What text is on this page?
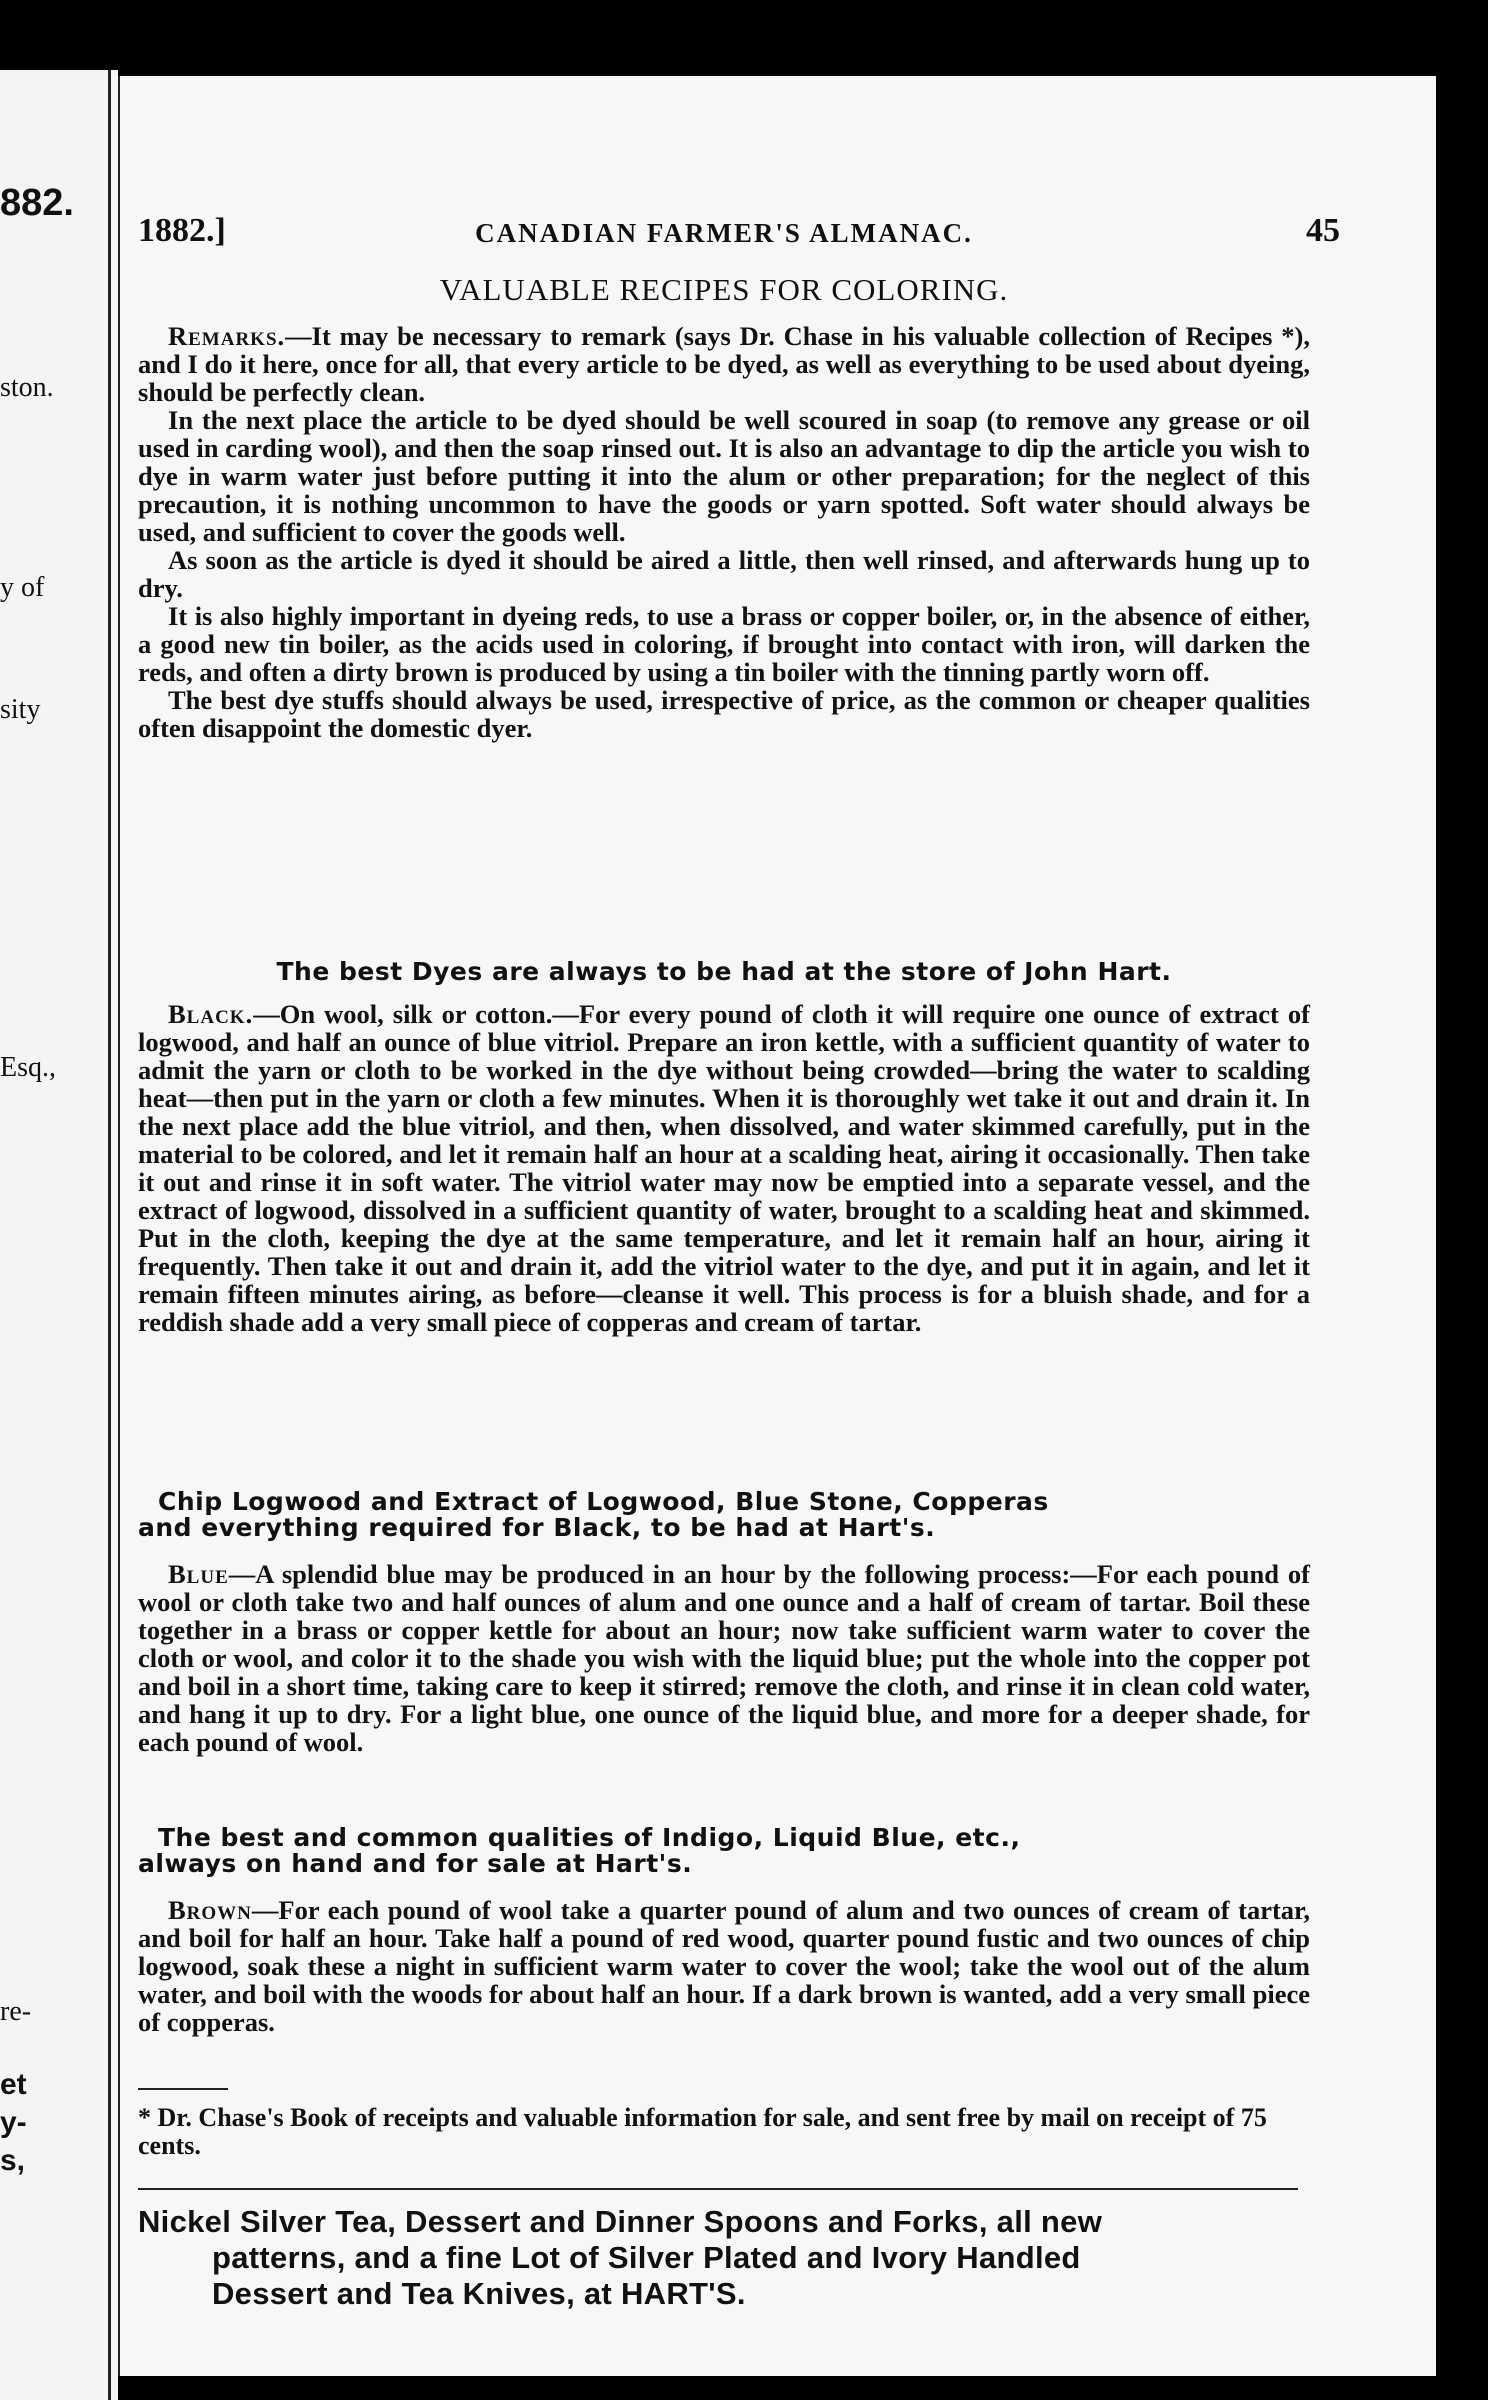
882.
ston.
y of
sity
Esq.,
re-
et
y-
s,
1882.]	CANADIAN FARMER'S ALMANAC.	45
VALUABLE RECIPES FOR COLORING.

Remarks.—It may be necessary to remark (says Dr. Chase in his valuable collection of Recipes *), and I do it here, once for all, that every article to be dyed, as well as everything to be used about dyeing, should be perfectly clean.

In the next place the article to be dyed should be well scoured in soap (to remove any grease or oil used in carding wool), and then the soap rinsed out. It is also an advantage to dip the article you wish to dye in warm water just before putting it into the alum or other preparation; for the neglect of this precaution, it is nothing uncommon to have the goods or yarn spotted. Soft water should always be used, and sufficient to cover the goods well.

As soon as the article is dyed it should be aired a little, then well rinsed, and afterwards hung up to dry.

It is also highly important in dyeing reds, to use a brass or copper boiler, or, in the absence of either, a good new tin boiler, as the acids used in coloring, if brought into contact with iron, will darken the reds, and often a dirty brown is produced by using a tin boiler with the tinning partly worn off.

The best dye stuffs should always be used, irrespective of price, as the common or cheaper qualities often disappoint the domestic dyer.

The best Dyes are always to be had at the store of John Hart.

Black.—On wool, silk or cotton.—For every pound of cloth it will require one ounce of extract of logwood, and half an ounce of blue vitriol. Prepare an iron kettle, with a sufficient quantity of water to admit the yarn or cloth to be worked in the dye without being crowded—bring the water to scalding heat—then put in the yarn or cloth a few minutes. When it is thoroughly wet take it out and drain it. In the next place add the blue vitriol, and then, when dissolved, and water skimmed carefully, put in the material to be colored, and let it remain half an hour at a scalding heat, airing it occasionally. Then take it out and rinse it in soft water. The vitriol water may now be emptied into a separate vessel, and the extract of logwood, dissolved in a sufficient quantity of water, brought to a scalding heat and skimmed. Put in the cloth, keeping the dye at the same temperature, and let it remain half an hour, airing it frequently. Then take it out and drain it, add the vitriol water to the dye, and put it in again, and let it remain fifteen minutes airing, as before—cleanse it well. This process is for a bluish shade, and for a reddish shade add a very small piece of copperas and cream of tartar.

Chip Logwood and Extract of Logwood, Blue Stone, Copperas
and everything required for Black, to be had at Hart's.

Blue—A splendid blue may be produced in an hour by the following process:—For each pound of wool or cloth take two and half ounces of alum and one ounce and a half of cream of tartar. Boil these together in a brass or copper kettle for about an hour; now take sufficient warm water to cover the cloth or wool, and color it to the shade you wish with the liquid blue; put the whole into the copper pot and boil in a short time, taking care to keep it stirred; remove the cloth, and rinse it in clean cold water, and hang it up to dry. For a light blue, one ounce of the liquid blue, and more for a deeper shade, for each pound of wool.

The best and common qualities of Indigo, Liquid Blue, etc.,
always on hand and for sale at Hart's.

Brown—For each pound of wool take a quarter pound of alum and two ounces of cream of tartar, and boil for half an hour. Take half a pound of red wood, quarter pound fustic and two ounces of chip logwood, soak these a night in sufficient warm water to cover the wool; take the wool out of the alum water, and boil with the woods for about half an hour. If a dark brown is wanted, add a very small piece of copperas.

* Dr. Chase's Book of receipts and valuable information for sale, and sent free by mail on receipt of 75 cents.
Nickel Silver Tea, Dessert and Dinner Spoons and Forks, all new
patterns, and a fine Lot of Silver Plated and Ivory Handled
Dessert and Tea Knives, at HART'S.
